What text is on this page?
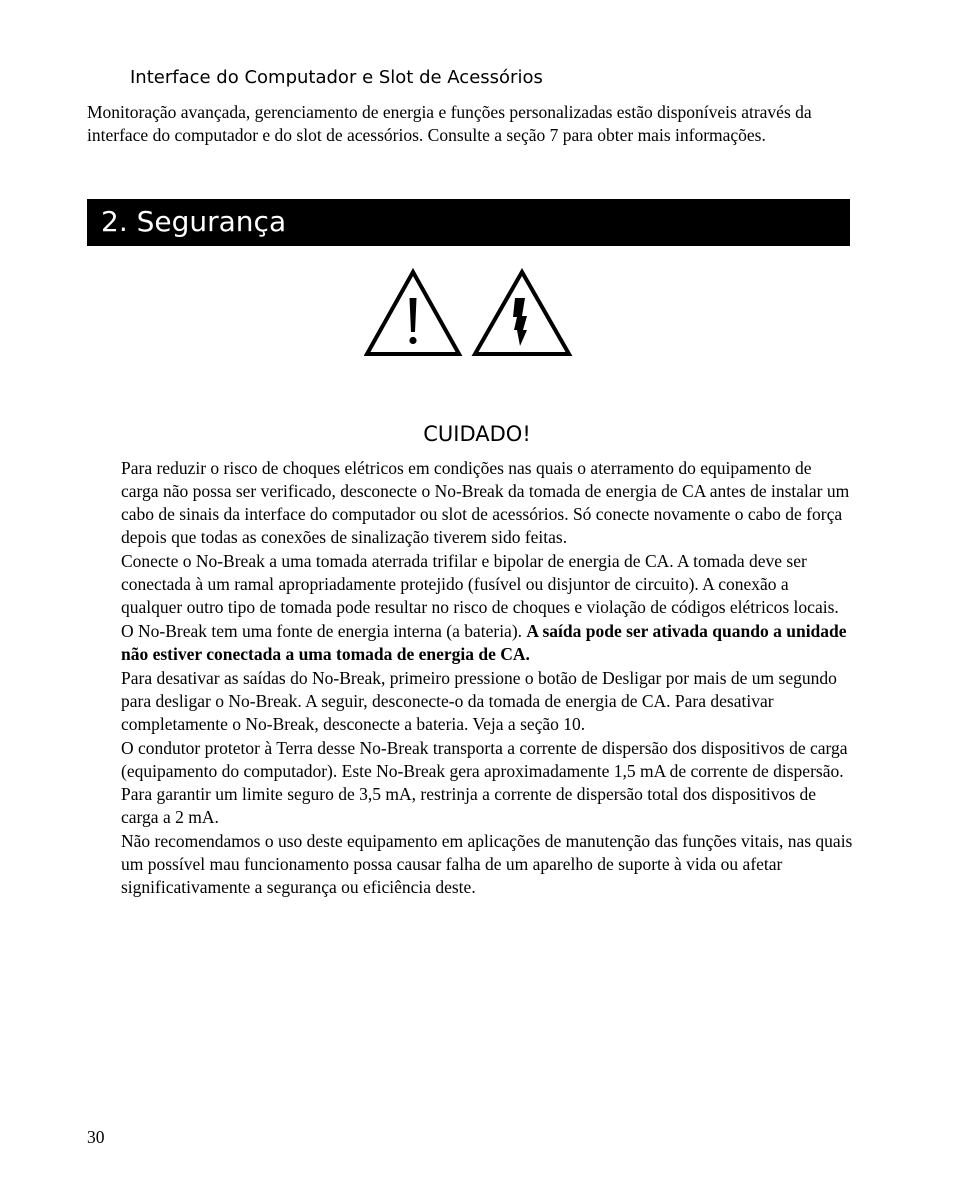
Interface do Computador e Slot de Acessórios

Monitoração avançada, gerenciamento de energia e funções personalizadas estão disponíveis através da interface do computador e do slot de acessórios. Consulte a seção 7 para obter mais informações.

2. Segurança
CUIDADO!

Para reduzir o risco de choques elétricos em condições nas quais o aterramento do equipamento de carga não possa ser verificado, desconecte o No-Break da tomada de energia de CA antes de instalar um cabo de sinais da interface do computador ou slot de acessórios. Só conecte novamente o cabo de força depois que todas as conexões de sinalização tiverem sido feitas.

Conecte o No-Break a uma tomada aterrada trifilar e bipolar de energia de CA. A tomada deve ser conectada à um ramal apropriadamente protejido (fusível ou disjuntor de circuito). A conexão a qualquer outro tipo de tomada pode resultar no risco de choques e violação de códigos elétricos locais.

O No-Break tem uma fonte de energia interna (a bateria). A saída pode ser ativada quando a unidade não estiver conectada a uma tomada de energia de CA.

Para desativar as saídas do No-Break, primeiro pressione o botão de Desligar por mais de um segundo para desligar o No-Break. A seguir, desconecte-o da tomada de energia de CA. Para desativar completamente o No-Break, desconecte a bateria. Veja a seção 10.

O condutor protetor à Terra desse No-Break transporta a corrente de dispersão dos dispositivos de carga (equipamento do computador). Este No-Break gera aproximadamente 1,5 mA de corrente de dispersão. Para garantir um limite seguro de 3,5 mA, restrinja a corrente de dispersão total dos dispositivos de carga a 2 mA.

Não recomendamos o uso deste equipamento em aplicações de manutenção das funções vitais, nas quais um possível mau funcionamento possa causar falha de um aparelho de suporte à vida ou afetar significativamente a segurança ou eficiência deste.

30
